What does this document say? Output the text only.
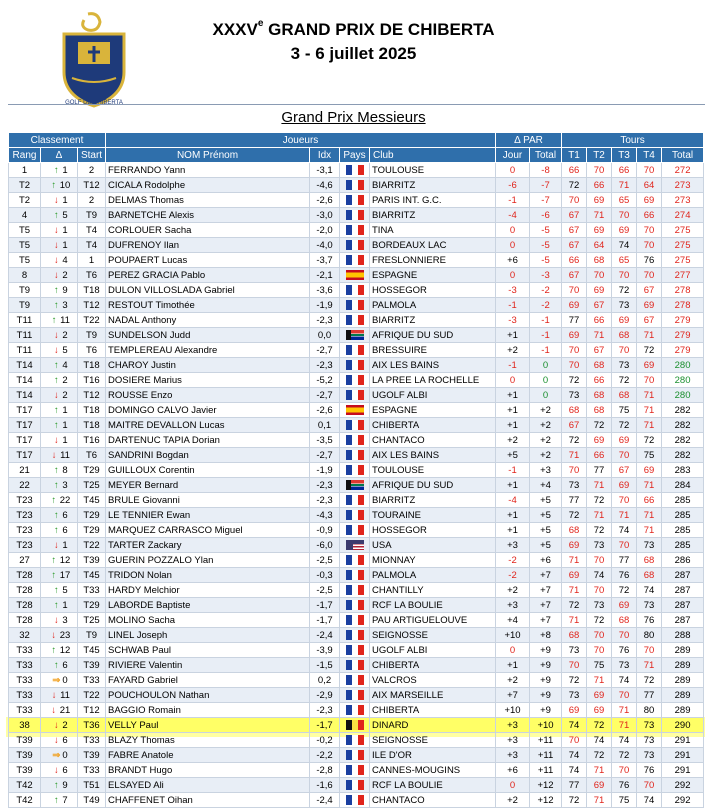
GOLF DE CHIBERTA
XXXVe GRAND PRIX DE CHIBERTA
3 - 6 juillet 2025
Grand Prix Messieurs
Classement			Joueurs				Δ PAR		Tours				
Rang	Δ	Start	NOM Prénom	Idx	Pays	Club	Jour	Total	T1	T2	T3	T4	Total
1	↑ 1	2	FERRANDO Yann	-3,1		TOULOUSE	0	-8	66	70	66	70	272
T2	↑ 10	T12	CICALA Rodolphe	-4,6		BIARRITZ	-6	-7	72	66	71	64	273
T2	↓ 1	2	DELMAS Thomas	-2,6		PARIS INT. G.C.	-1	-7	70	69	65	69	273
4	↑ 5	T9	BARNETCHE Alexis	-3,0		BIARRITZ	-4	-6	67	71	70	66	274
T5	↓ 1	T4	CORLOUER Sacha	-2,0		TINA	0	-5	67	69	69	70	275
T5	↓ 1	T4	DUFRENOY Ilan	-4,0		BORDEAUX LAC	0	-5	67	64	74	70	275
T5	↓ 4	1	POUPAERT Lucas	-3,7		FRESLONNIERE	+6	-5	66	68	65	76	275
8	↓ 2	T6	PEREZ GRACIA Pablo	-2,1		ESPAGNE	0	-3	67	70	70	70	277
T9	↑ 9	T18	DULON VILLOSLADA Gabriel	-3,6		HOSSEGOR	-3	-2	70	69	72	67	278
T9	↑ 3	T12	RESTOUT Timothée	-1,9		PALMOLA	-1	-2	69	67	73	69	278
T11	↑ 11	T22	NADAL Anthony	-2,3		BIARRITZ	-3	-1	77	66	69	67	279
T11	↓ 2	T9	SUNDELSON Judd	0,0		AFRIQUE DU SUD	+1	-1	69	71	68	71	279
T11	↓ 5	T6	TEMPLEREAU Alexandre	-2,7		BRESSUIRE	+2	-1	70	67	70	72	279
T14	↑ 4	T18	CHAROY Justin	-2,3		AIX LES BAINS	-1	0	70	68	73	69	280
T14	↑ 2	T16	DOSIERE Marius	-5,2		LA PREE LA ROCHELLE	0	0	72	66	72	70	280
T14	↓ 2	T12	ROUSSE Enzo	-2,7		UGOLF ALBI	+1	0	73	68	68	71	280
T17	↑ 1	T18	DOMINGO CALVO Javier	-2,6		ESPAGNE	+1	+2	68	68	75	71	282
T17	↑ 1	T18	MAITRE DEVALLON Lucas	0,1		CHIBERTA	+1	+2	67	72	72	71	282
T17	↓ 1	T16	DARTENUC TAPIA Dorian	-3,5		CHANTACO	+2	+2	72	69	69	72	282
T17	↓ 11	T6	SANDRINI Bogdan	-2,7		AIX LES BAINS	+5	+2	71	66	70	75	282
21	↑ 8	T29	GUILLOUX Corentin	-1,9		TOULOUSE	-1	+3	70	77	67	69	283
22	↑ 3	T25	MEYER Bernard	-2,3		AFRIQUE DU SUD	+1	+4	73	71	69	71	284
T23	↑ 22	T45	BRULE Giovanni	-2,3		BIARRITZ	-4	+5	77	72	70	66	285
T23	↑ 6	T29	LE TENNIER Ewan	-4,3		TOURAINE	+1	+5	72	71	71	71	285
T23	↑ 6	T29	MARQUEZ CARRASCO Miguel	-0,9		HOSSEGOR	+1	+5	68	72	74	71	285
T23	↓ 1	T22	TARTER Zackary	-6,0		USA	+3	+5	69	73	70	73	285
27	↑ 12	T39	GUERIN POZZALO Ylan	-2,5		MIONNAY	-2	+6	71	70	77	68	286
T28	↑ 17	T45	TRIDON Nolan	-0,3		PALMOLA	-2	+7	69	74	76	68	287
T28	↑ 5	T33	HARDY Melchior	-2,5		CHANTILLY	+2	+7	71	70	72	74	287
T28	↑ 1	T29	LABORDE Baptiste	-1,7		RCF LA BOULIE	+3	+7	72	73	69	73	287
T28	↓ 3	T25	MOLINO Sacha	-1,7		PAU ARTIGUELOUVE	+4	+7	71	72	68	76	287
32	↓ 23	T9	LINEL Joseph	-2,4		SEIGNOSSE	+10	+8	68	70	70	80	288
T33	↑ 12	T45	SCHWAB Paul	-3,9		UGOLF ALBI	0	+9	73	70	76	70	289
T33	↑ 6	T39	RIVIERE Valentin	-1,5		CHIBERTA	+1	+9	70	75	73	71	289
T33	⇒ 0	T33	FAYARD Gabriel	0,2		VALCROS	+2	+9	72	71	74	72	289
T33	↓ 11	T22	POUCHOULON Nathan	-2,9		AIX MARSEILLE	+7	+9	73	69	70	77	289
T33	↓ 21	T12	BAGGIO Romain	-2,3		CHIBERTA	+10	+9	69	69	71	80	289
38	↓ 2	T36	VELLY Paul	-1,7		DINARD	+3	+10	74	72	71	73	290
T39	↓ 6	T33	BLAZY Thomas	-0,2		SEIGNOSSE	+3	+11	70	74	74	73	291
T39	⇒ 0	T39	FABRE Anatole	-2,2		ILE D'OR	+3	+11	74	72	72	73	291
T39	↓ 6	T33	BRANDT Hugo	-2,8		CANNES-MOUGINS	+6	+11	74	71	70	76	291
T42	↑ 9	T51	ELSAYED Ali	-1,6		RCF LA BOULIE	0	+12	77	69	76	70	292
T42	↑ 7	T49	CHAFFENET Oihan	-2,4		CHANTACO	+2	+12	72	71	75	74	292
